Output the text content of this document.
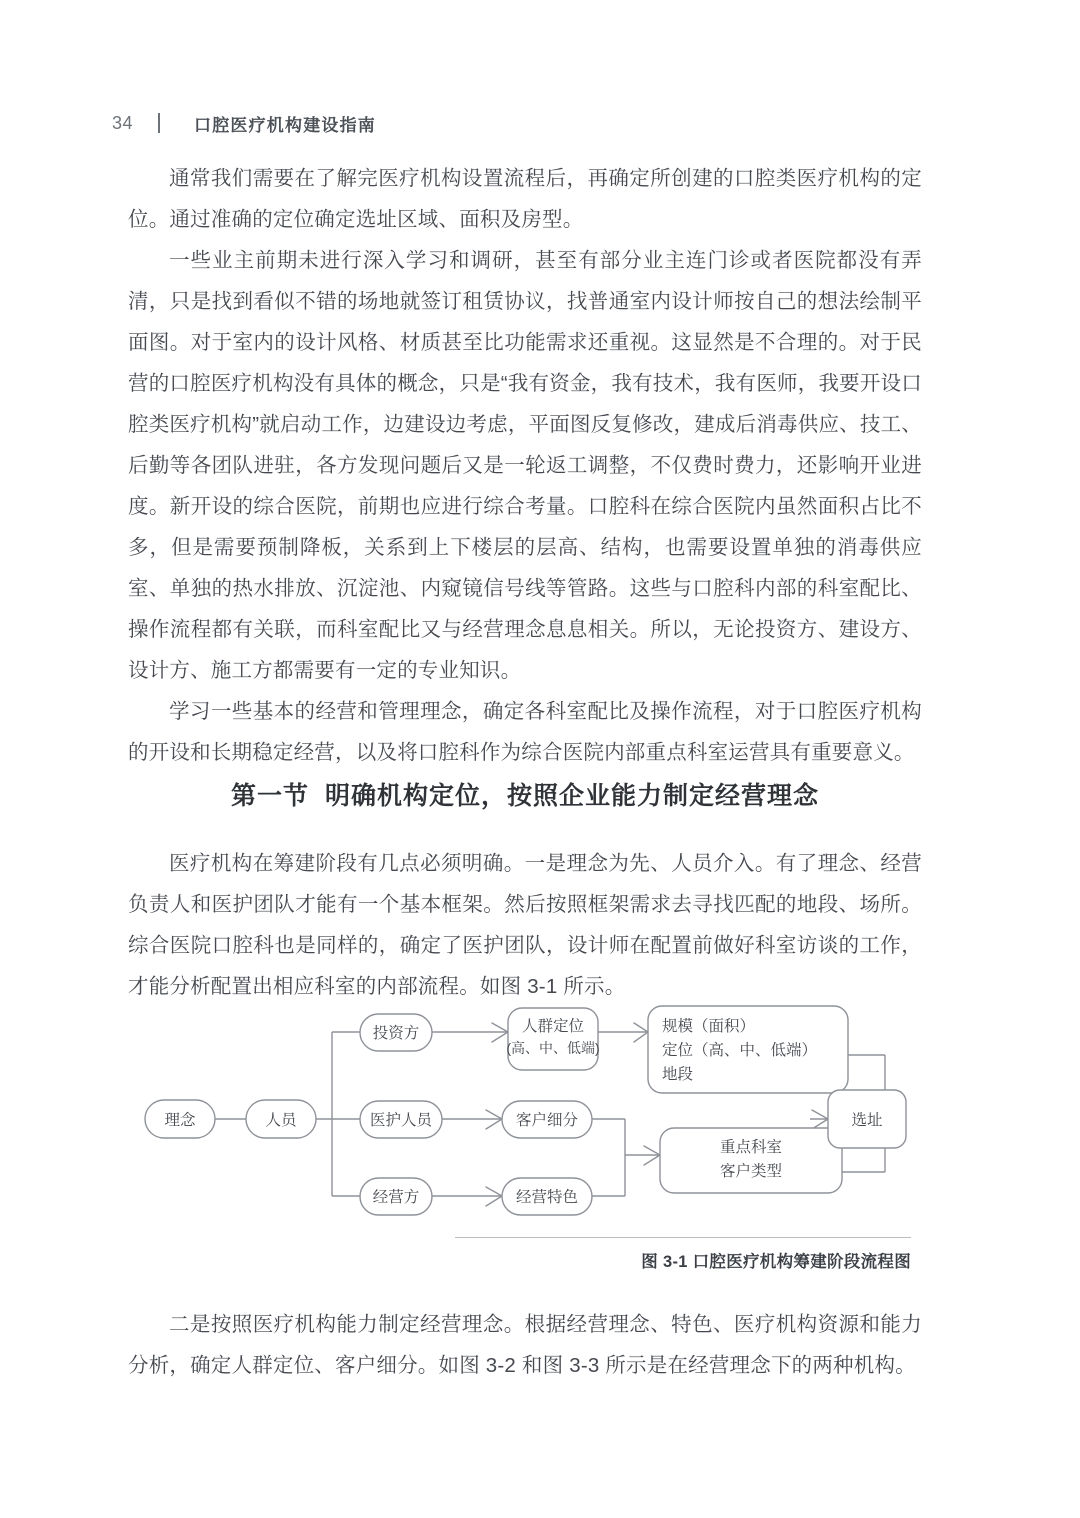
34	口腔医疗机构建设指南

通常我们需要在了解完医疗机构设置流程后，再确定所创建的口腔类医疗机构的定位。通过准确的定位确定选址区域、面积及房型。

一些业主前期未进行深入学习和调研，甚至有部分业主连门诊或者医院都没有弄清，只是找到看似不错的场地就签订租赁协议，找普通室内设计师按自己的想法绘制平面图。对于室内的设计风格、材质甚至比功能需求还重视。这显然是不合理的。对于民营的口腔医疗机构没有具体的概念，只是“我有资金，我有技术，我有医师，我要开设口腔类医疗机构”就启动工作，边建设边考虑，平面图反复修改，建成后消毒供应、技工、后勤等各团队进驻，各方发现问题后又是一轮返工调整，不仅费时费力，还影响开业进度。新开设的综合医院，前期也应进行综合考量。口腔科在综合医院内虽然面积占比不多，但是需要预制降板，关系到上下楼层的层高、结构，也需要设置单独的消毒供应室、单独的热水排放、沉淀池、内窥镜信号线等管路。这些与口腔科内部的科室配比、操作流程都有关联，而科室配比又与经营理念息息相关。所以，无论投资方、建设方、设计方、施工方都需要有一定的专业知识。

学习一些基本的经营和管理理念，确定各科室配比及操作流程，对于口腔医疗机构的开设和长期稳定经营，以及将口腔科作为综合医院内部重点科室运营具有重要意义。

第一节 明确机构定位，按照企业能力制定经营理念

医疗机构在筹建阶段有几点必须明确。一是理念为先、人员介入。有了理念、经营负责人和医护团队才能有一个基本框架。然后按照框架需求去寻找匹配的地段、场所。综合医院口腔科也是同样的，确定了医护团队，设计师在配置前做好科室访谈的工作，才能分析配置出相应科室的内部流程。如图 3-1 所示。

理念	人员
投资方
医护人员
经营方
人群定位
(高、中、低端)
客户细分
经营特色
规模（面积）
定位（高、中、低端）
地段
重点科室
客户类型
选址
图 3-1 口腔医疗机构筹建阶段流程图

二是按照医疗机构能力制定经营理念。根据经营理念、特色、医疗机构资源和能力分析，确定人群定位、客户细分。如图 3-2 和图 3-3 所示是在经营理念下的两种机构。
